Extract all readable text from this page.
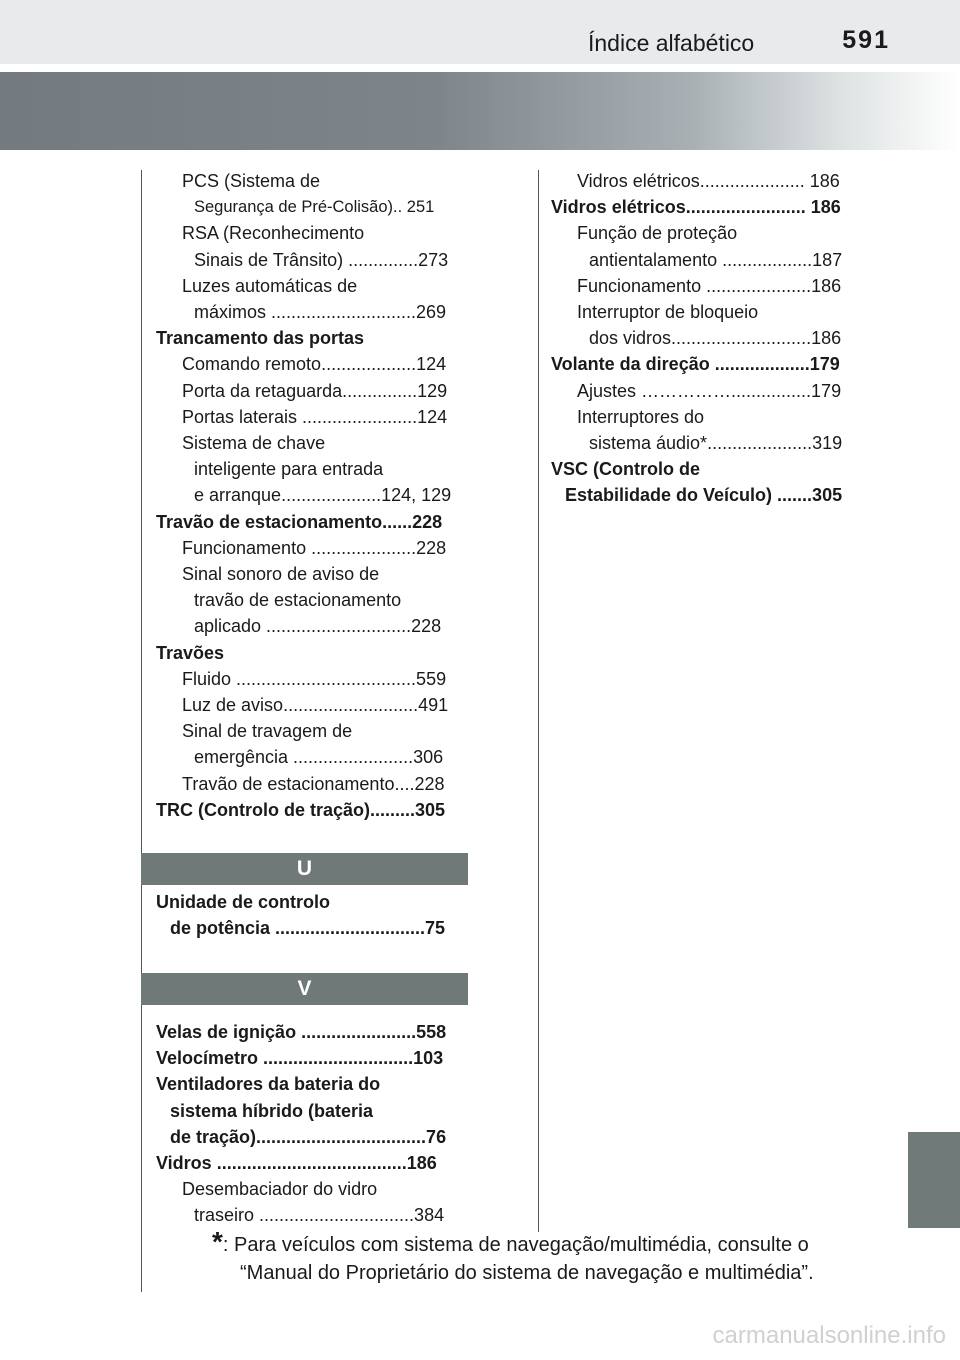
Índice alfabético	591
PCS (Sistema de
Segurança de Pré-Colisão).. 251
RSA (Reconhecimento
Sinais de Trânsito) ..............273
Luzes automáticas de
máximos .............................269
Trancamento das portas
Comando remoto...................124
Porta da retaguarda...............129
Portas laterais .......................124
Sistema de chave
inteligente para entrada
e arranque....................124, 129
Travão de estacionamento......228
Funcionamento .....................228
Sinal sonoro de aviso de
travão de estacionamento
aplicado .............................228
Travões
Fluido ....................................559
Luz de aviso...........................491
Sinal de travagem de
emergência ........................306
Travão de estacionamento....228
TRC (Controlo de tração).........305
U
Unidade de controlo
de potência ..............................75
V
Velas de ignição .......................558
Velocímetro ..............................103
Ventiladores da bateria do
sistema híbrido (bateria
de tração)..................................76
Vidros ......................................186
Desembaciador do vidro
traseiro ...............................384
Vidros elétricos..................... 186
Vidros elétricos........................ 186
Função de proteção
antientalamento ..................187
Funcionamento .....................186
Interruptor de bloqueio
dos vidros............................186
Volante da direção ...................179
Ajustes ……………................179
Interruptores do
sistema áudio*.....................319
VSC (Controlo de
Estabilidade do Veículo) .......305
*: Para veículos com sistema de navegação/multimédia, consulte o
“Manual do Proprietário do sistema de navegação e multimédia”.
carmanualsonline.info
